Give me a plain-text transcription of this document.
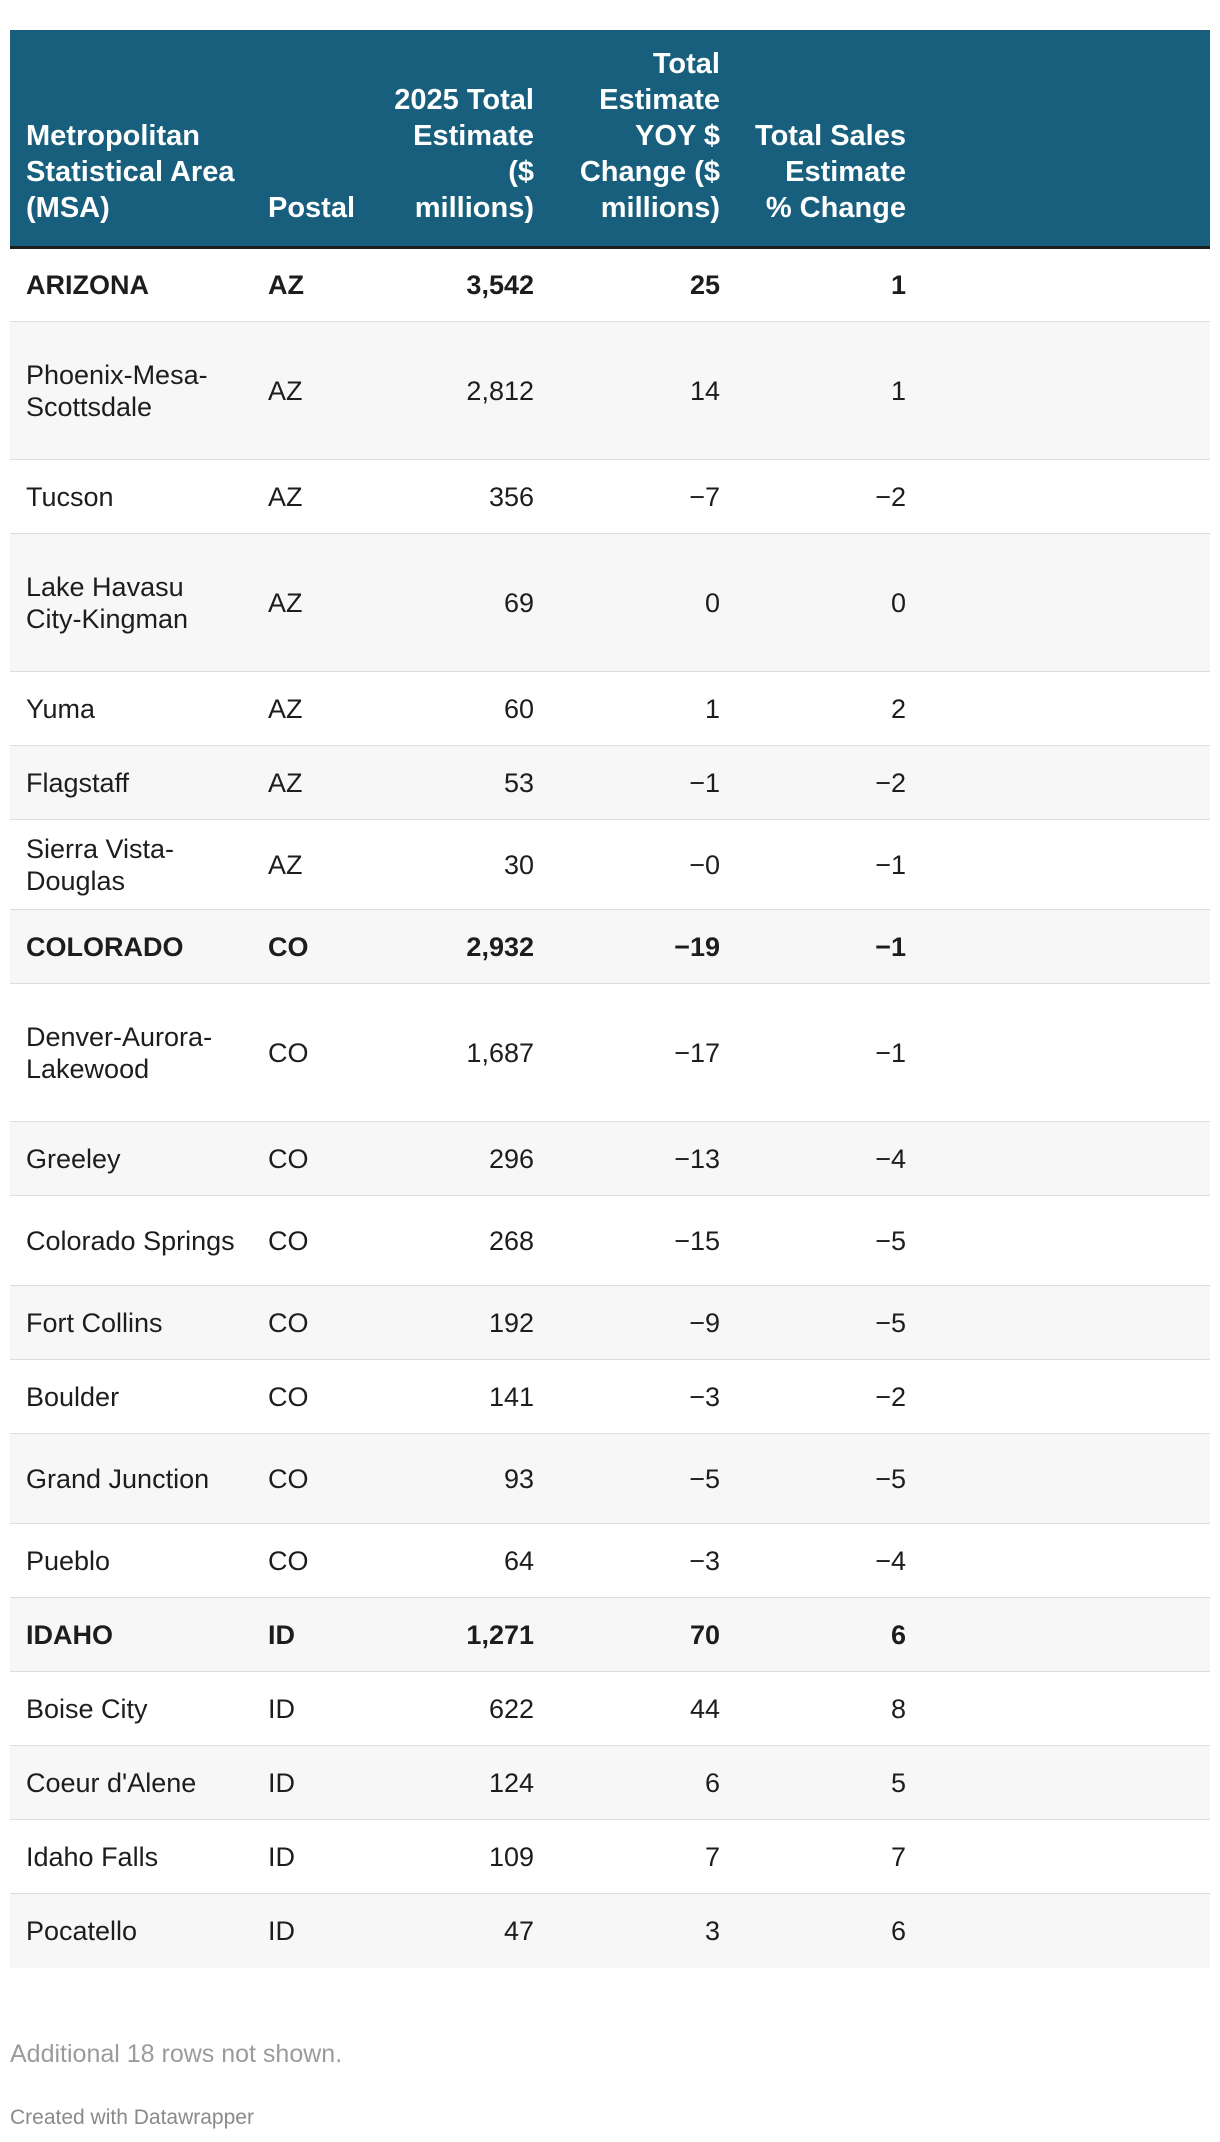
Metropolitan Statistical Area (MSA)	Postal	2025 Total Estimate ($ millions)	Total Estimate YOY $ Change ($ millions)	Total Sales Estimate % Change	
ARIZONA	AZ	3,542	25	1	
Phoenix-Mesa-Scottsdale	AZ	2,812	14	1	
Tucson	AZ	356	−7	−2	
Lake Havasu City-Kingman	AZ	69	0	0	
Yuma	AZ	60	1	2	
Flagstaff	AZ	53	−1	−2	
Sierra Vista-Douglas	AZ	30	−0	−1	
COLORADO	CO	2,932	−19	−1	
Denver-Aurora-Lakewood	CO	1,687	−17	−1	
Greeley	CO	296	−13	−4	
Colorado Springs	CO	268	−15	−5	
Fort Collins	CO	192	−9	−5	
Boulder	CO	141	−3	−2	
Grand Junction	CO	93	−5	−5	
Pueblo	CO	64	−3	−4	
IDAHO	ID	1,271	70	6	
Boise City	ID	622	44	8	
Coeur d'Alene	ID	124	6	5	
Idaho Falls	ID	109	7	7	
Pocatello	ID	47	3	6	
Additional 18 rows not shown.
Created with Datawrapper
